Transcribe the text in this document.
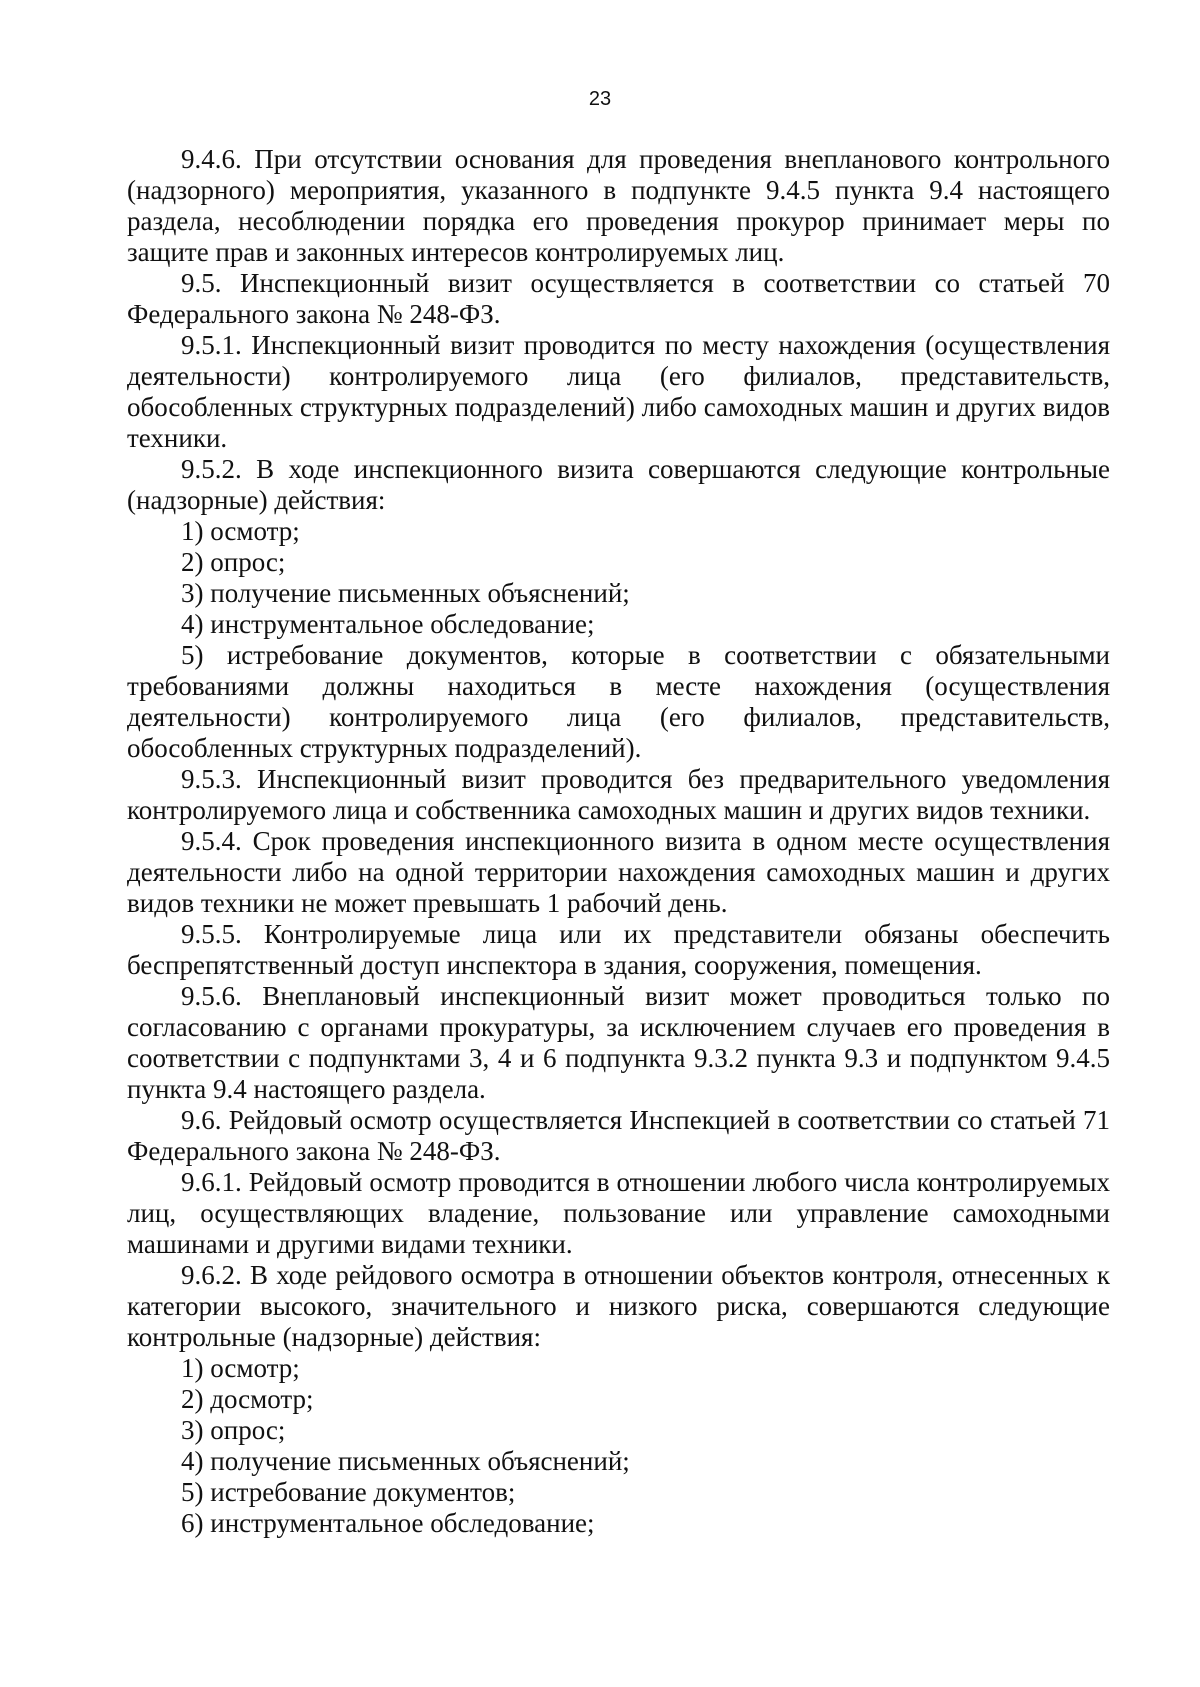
23

9.4.6. При отсутствии основания для проведения внепланового контрольного (надзорного) мероприятия, указанного в подпункте 9.4.5 пункта 9.4 настоящего раздела, несоблюдении порядка его проведения прокурор принимает меры по защите прав и законных интересов контролируемых лиц.

9.5. Инспекционный визит осуществляется в соответствии со статьей 70 Федерального закона № 248-ФЗ.

9.5.1. Инспекционный визит проводится по месту нахождения (осуществления деятельности) контролируемого лица (его филиалов, представительств, обособленных структурных подразделений) либо самоходных машин и других видов техники.

9.5.2. В ходе инспекционного визита совершаются следующие контрольные (надзорные) действия:

1) осмотр;

2) опрос;

3) получение письменных объяснений;

4) инструментальное обследование;

5) истребование документов, которые в соответствии с обязательными требованиями должны находиться в месте нахождения (осуществления деятельности) контролируемого лица (его филиалов, представительств, обособленных структурных подразделений).

9.5.3. Инспекционный визит проводится без предварительного уведомления контролируемого лица и собственника самоходных машин и других видов техники.

9.5.4. Срок проведения инспекционного визита в одном месте осуществления деятельности либо на одной территории нахождения самоходных машин и других видов техники не может превышать 1 рабочий день.

9.5.5. Контролируемые лица или их представители обязаны обеспечить беспрепятственный доступ инспектора в здания, сооружения, помещения.

9.5.6. Внеплановый инспекционный визит может проводиться только по согласованию с органами прокуратуры, за исключением случаев его проведения в соответствии с подпунктами 3, 4 и 6 подпункта 9.3.2 пункта 9.3 и подпунктом 9.4.5 пункта 9.4 настоящего раздела.

9.6. Рейдовый осмотр осуществляется Инспекцией в соответствии со статьей 71 Федерального закона № 248-ФЗ.

9.6.1. Рейдовый осмотр проводится в отношении любого числа контролируемых лиц, осуществляющих владение, пользование или управление самоходными машинами и другими видами техники.

9.6.2. В ходе рейдового осмотра в отношении объектов контроля, отнесенных к категории высокого, значительного и низкого риска, совершаются следующие контрольные (надзорные) действия:

1) осмотр;

2) досмотр;

3) опрос;

4) получение письменных объяснений;

5) истребование документов;

6) инструментальное обследование;
